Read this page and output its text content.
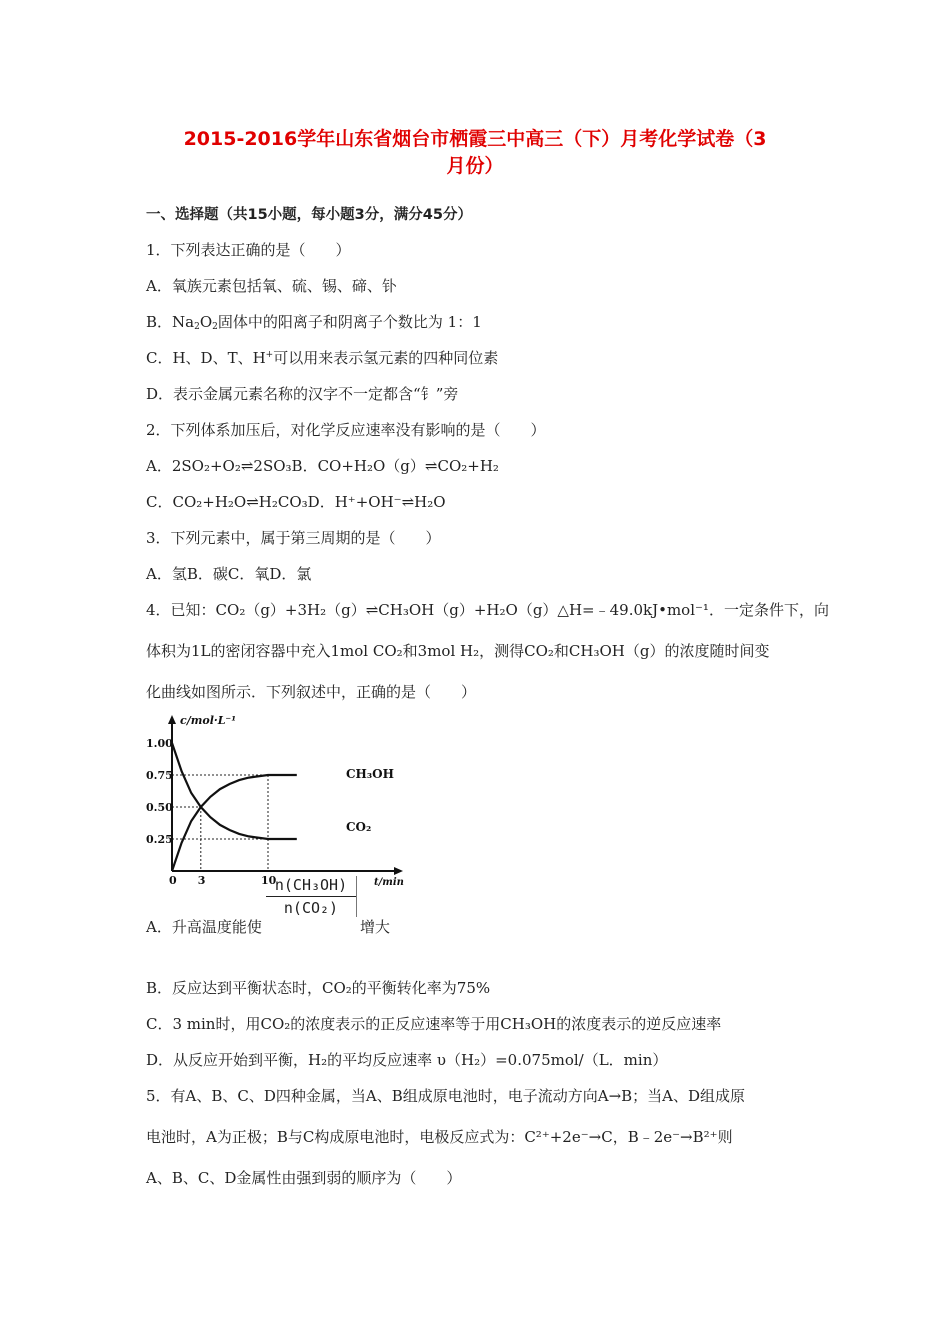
2015-2016学年山东省烟台市栖霞三中高三（下）月考化学试卷（3
月份）
一、选择题（共15小题，每小题3分，满分45分）
1．下列表达正确的是（　　）
A．氧族元素包括氧、硫、锡、碲、钋
B．$Na_2O_2$固体中的阳离子和阴离子个数比为 1：1
C．H、D、T、H+可以用来表示氢元素的四种同位素
D．表示金属元素名称的汉字不一定都含“钅”旁
2．下列体系加压后，对化学反应速率没有影响的是（　　）
A．2SO₂+O₂⇌2SO₃B．CO+H₂O（g）⇌CO₂+H₂
C．CO₂+H₂O⇌H₂CO₃D．H⁺+OH⁻⇌H₂O
3．下列元素中，属于第三周期的是（　　）
A．氢B．碳C．氧D．氯
4．已知：CO₂（g）+3H₂（g）⇌CH₃OH（g）+H₂O（g）△H=﹣49.0kJ•mol⁻¹．一定条件下，向
体积为1L的密闭容器中充入1mol CO₂和3mol H₂，测得CO₂和CH₃OH（g）的浓度随时间变
化曲线如图所示．下列叙述中，正确的是（　　）
CH₃OH
CO₂
1.00
0.75
0.50
0.25
0 3	10
c/mol·L⁻¹
t/min
A．升高温度能使
$\frac{\text{n(CH₃OH)}}{\text{n(CO₂)}}$
增大
B．反应达到平衡状态时，CO₂的平衡转化率为75%
C．3 min时，用CO₂的浓度表示的正反应速率等于用CH₃OH的浓度表示的逆反应速率
D．从反应开始到平衡，H₂的平均反应速率 υ（H₂）=0.075mol/（L．min）
5．有A、B、C、D四种金属，当A、B组成原电池时，电子流动方向A→B；当A、D组成原
电池时，A为正极；B与C构成原电池时，电极反应式为：C²⁺+2e⁻→C，B﹣2e⁻→B²⁺则
A、B、C、D金属性由强到弱的顺序为（　　）
